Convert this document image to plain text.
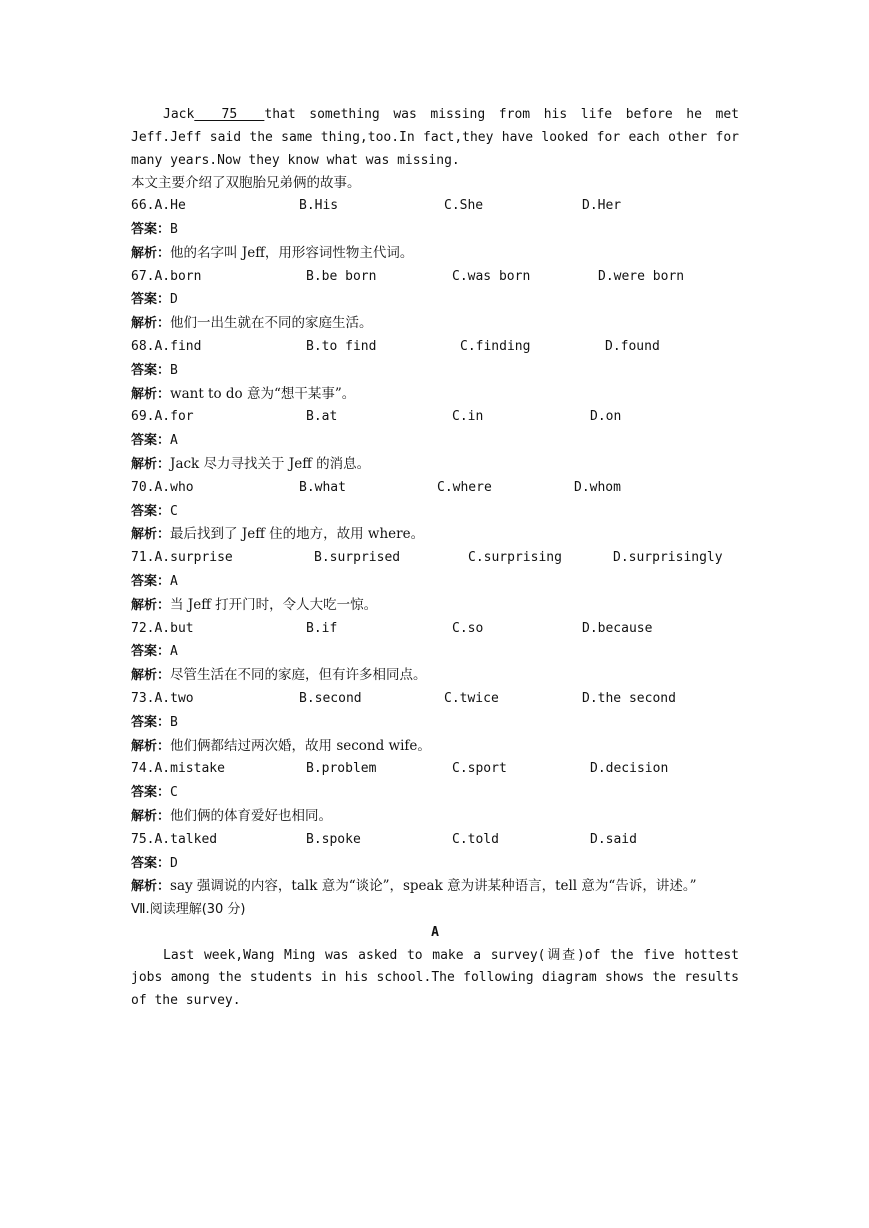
Jack  75  that something was missing from his life before he met Jeff.Jeff said the same thing,too.In fact,they have looked for each other for many years.Now they know what was missing.

本文主要介绍了双胞胎兄弟俩的故事。

66.A.He	B.His	C.She	D.Her

答案：B

解析：他的名字叫 Jeff，用形容词性物主代词。

67.A.born	B.be born	C.was born	D.were born

答案：D

解析：他们一出生就在不同的家庭生活。

68.A.find	B.to find	C.finding	D.found

答案：B

解析：want to do 意为“想干某事”。

69.A.for	B.at	C.in	D.on

答案：A

解析：Jack 尽力寻找关于 Jeff 的消息。

70.A.who	B.what	C.where	D.whom

答案：C

解析：最后找到了 Jeff 住的地方，故用 where。

71.A.surprise	B.surprised	C.surprising	D.surprisingly

答案：A

解析：当 Jeff 打开门时，令人大吃一惊。

72.A.but	B.if	C.so	D.because

答案：A

解析：尽管生活在不同的家庭，但有许多相同点。

73.A.two	B.second	C.twice	D.the second

答案：B

解析：他们俩都结过两次婚，故用 second wife。

74.A.mistake	B.problem	C.sport	D.decision

答案：C

解析：他们俩的体育爱好也相同。

75.A.talked	B.spoke	C.told	D.said

答案：D

解析：say 强调说的内容，talk 意为“谈论”，speak 意为讲某种语言，tell 意为“告诉，讲述。”

Ⅶ.阅读理解(30 分)

A

Last week,Wang Ming was asked to make a survey(调查)of the five hottest jobs among the students in his school.The following diagram shows the results of the survey.
